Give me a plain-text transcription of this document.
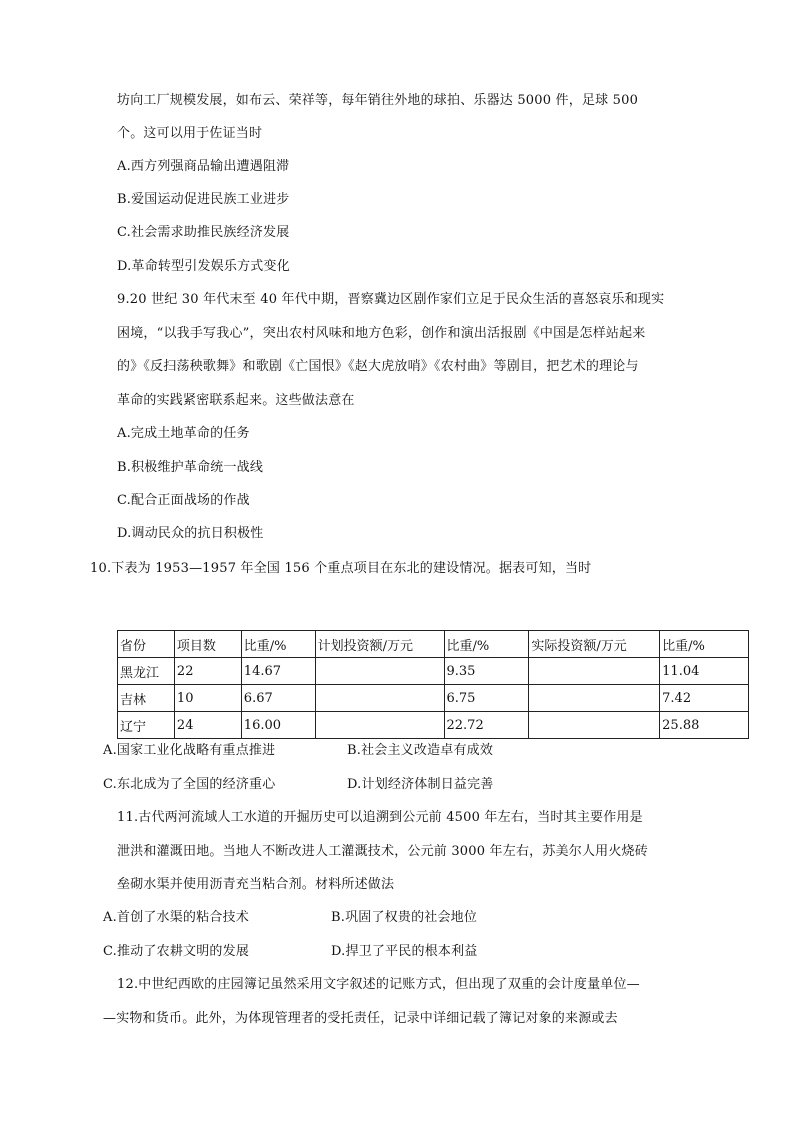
坊向工厂规模发展，如布云、荣祥等，每年销往外地的球拍、乐器达 5000 件，足球 500
个。这可以用于佐证当时
A.西方列强商品输出遭遇阻滞
B.爱国运动促进民族工业进步
C.社会需求助推民族经济发展
D.革命转型引发娱乐方式变化
9.20 世纪 30 年代末至 40 年代中期，晋察冀边区剧作家们立足于民众生活的喜怒哀乐和现实
困境，“以我手写我心”，突出农村风味和地方色彩，创作和演出活报剧《中国是怎样站起来
的》《反扫荡秧歌舞》和歌剧《亡国恨》《赵大虎放哨》《农村曲》等剧目，把艺术的理论与
革命的实践紧密联系起来。这些做法意在
A.完成土地革命的任务
B.积极维护革命统一战线
C.配合正面战场的作战
D.调动民众的抗日积极性
10.下表为 1953—1957 年全国 156 个重点项目在东北的建设情况。据表可知，当时
省份	项目数	比重/%	计划投资额/万元	比重/%	实际投资额/万元	比重/%
黑龙江	22	14.67		9.35		11.04
吉林	10	6.67		6.75		7.42
辽宁	24	16.00		22.72		25.88
A.国家工业化战略有重点推进	B.社会主义改造卓有成效
C.东北成为了全国的经济重心	D.计划经济体制日益完善
11.古代两河流域人工水道的开掘历史可以追溯到公元前 4500 年左右，当时其主要作用是
泄洪和灌溉田地。当地人不断改进人工灌溉技术，公元前 3000 年左右，苏美尔人用火烧砖
垒砌水渠并使用沥青充当粘合剂。材料所述做法
A.首创了水渠的粘合技术	B.巩固了权贵的社会地位
C.推动了农耕文明的发展	D.捍卫了平民的根本利益
12.中世纪西欧的庄园簿记虽然采用文字叙述的记账方式，但出现了双重的会计度量单位—
—实物和货币。此外，为体现管理者的受托责任，记录中详细记载了簿记对象的来源或去
